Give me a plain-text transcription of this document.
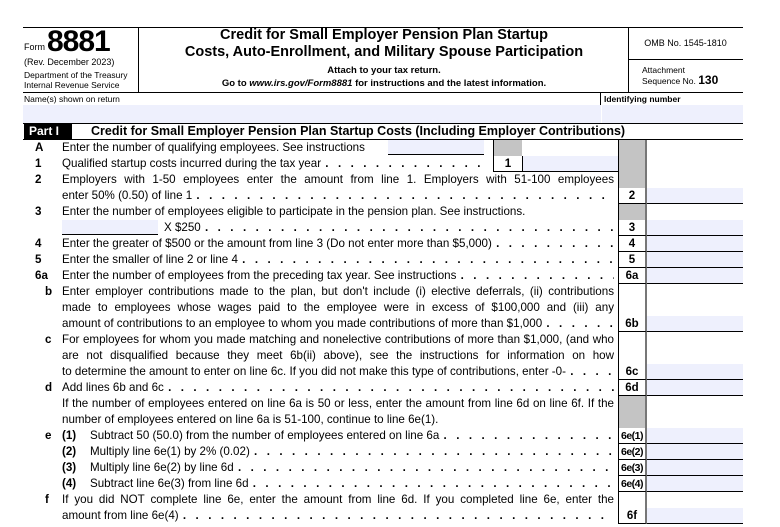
Form 8881
(Rev. December 2023)
Department of the Treasury
Internal Revenue Service
Credit for Small Employer Pension Plan Startup
Costs, Auto-Enrollment, and Military Spouse Participation
Attach to your tax return.
Go to www.irs.gov/Form8881 for instructions and the latest information.
OMB No. 1545-1810
Attachment
Sequence No. 130
Name(s) shown on return	Identifying number
Part I	Credit for Small Employer Pension Plan Startup Costs (Including Employer Contributions)
A	Enter the number of qualifying employees. See instructions
1	Qualified startup costs incurred during the tax year . .	1
2	Employers with 1-50 employees enter the amount from line 1. Employers with 51-100 employees
enter 50% (0.50) of line 1 . .	2
3	Enter the number of employees eligible to participate in the pension plan. See instructions.
X $250 . .	3
4	Enter the greater of $500 or the amount from line 3 (Do not enter more than $5,000) . .	4
5	Enter the smaller of line 2 or line 4 . .	5
6a	Enter the number of employees from the preceding tax year. See instructions . .	6a
b Enter employer contributions made to the plan, but don't include (i) elective deferrals, (ii) contributions made to employees whose wages paid to the employee were in excess of $100,000 and (iii) any
amount of contributions to an employee to whom you made contributions of more than $1,000 . .	6b
c For employees for whom you made matching and nonelective contributions of more than $1,000, (and who are not disqualified because they meet 6b(ii) above), see the instructions for information on how
to determine the amount to enter on line 6c. If you did not make this type of contributions, enter -0- . .	6c
d Add lines 6b and 6c . .	6d
If the number of employees entered on line 6a is 50 or less, enter the amount from line 6d on line 6f. If the number of employees entered on line 6a is 51-100, continue to line 6e(1).
e (1) Subtract 50 (50.0) from the number of employees entered on line 6a . .	6e(1)
(2) Multiply line 6e(1) by 2% (0.02) . .	6e(2)
(3) Multiply line 6e(2) by line 6d . .	6e(3)
(4) Subtract line 6e(3) from line 6d . .	6e(4)
f If you did NOT complete line 6e, enter the amount from line 6d. If you completed line 6e, enter the
amount from line 6e(4) . .	6f
